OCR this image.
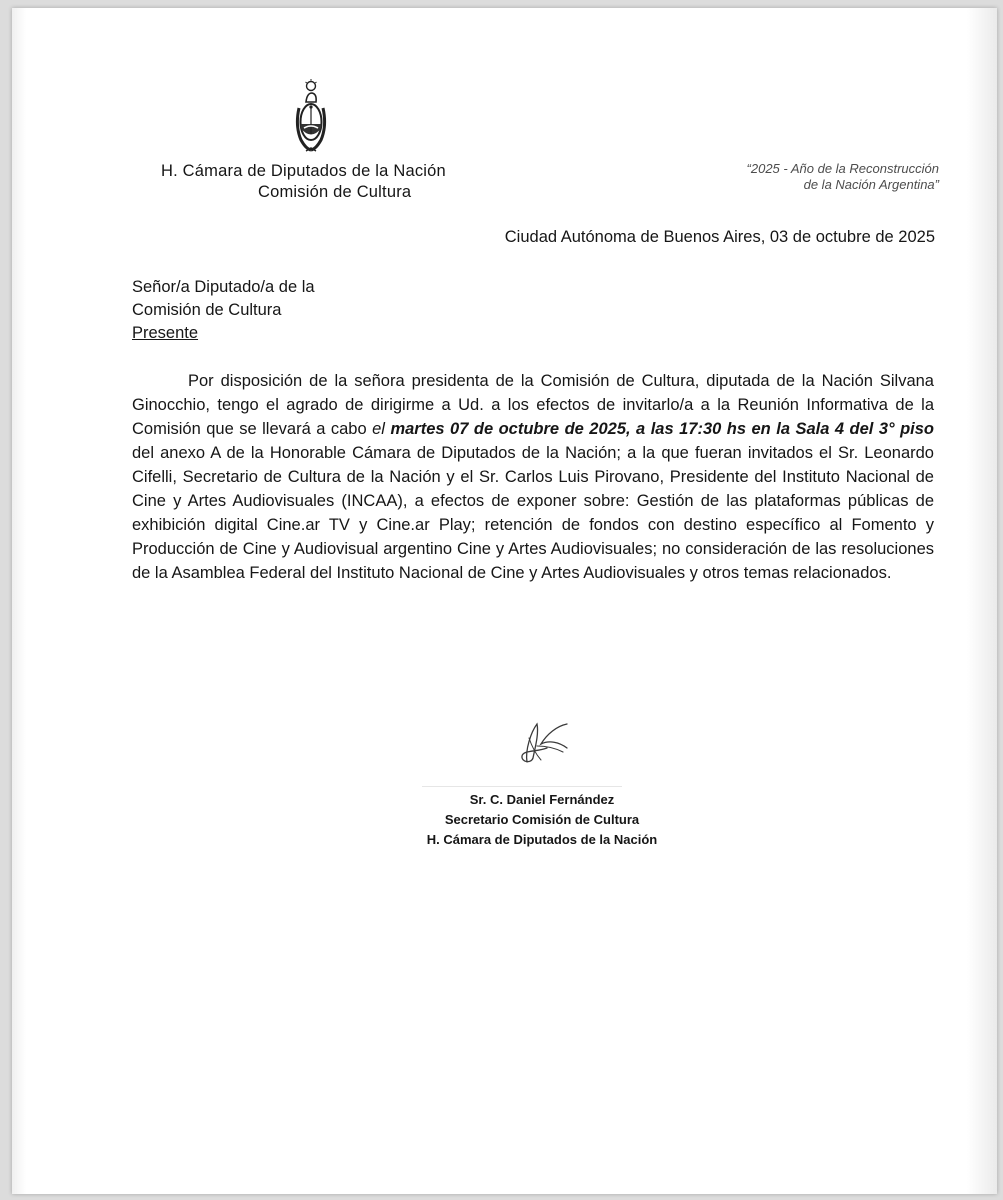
H. Cámara de Diputados de la Nación
Comisión de Cultura
“2025 - Año de la Reconstrucción
de la Nación Argentina”
Ciudad Autónoma de Buenos Aires, 03 de octubre de 2025
Señor/a Diputado/a de la
Comisión de Cultura
Presente
Por disposición de la señora presidenta de la Comisión de Cultura, diputada de la Nación Silvana Ginocchio, tengo el agrado de dirigirme a Ud. a los efectos de invitarlo/a a la Reunión Informativa de la Comisión que se llevará a cabo el martes 07 de octubre de 2025, a las 17:30 hs en la Sala 4 del 3° piso del anexo A de la Honorable Cámara de Diputados de la Nación; a la que fueran invitados el Sr. Leonardo Cifelli, Secretario de Cultura de la Nación y el Sr. Carlos Luis Pirovano, Presidente del Instituto Nacional de Cine y Artes Audiovisuales (INCAA), a efectos de exponer sobre: Gestión de las plataformas públicas de exhibición digital Cine.ar TV y Cine.ar Play; retención de fondos con destino específico al Fomento y Producción de Cine y Audiovisual argentino Cine y Artes Audiovisuales; no consideración de las resoluciones de la Asamblea Federal del Instituto Nacional de Cine y Artes Audiovisuales y otros temas relacionados.
Sr. C. Daniel Fernández
Secretario Comisión de Cultura
H. Cámara de Diputados de la Nación
